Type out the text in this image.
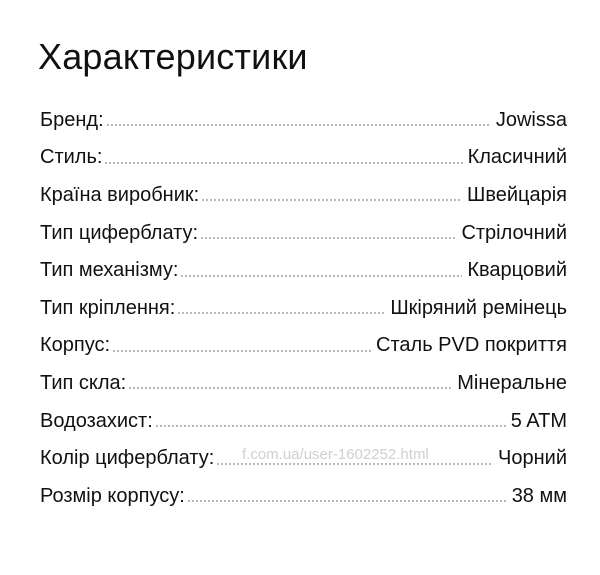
Характеристики
Бренд:	Jowissa
Стиль:	Класичний
Країна виробник:	Швейцарія
Тип циферблату:	Стрілочний
Тип механізму:	Кварцовий
Тип кріплення:	Шкіряний ремінець
Корпус:	Сталь PVD покриття
Тип скла:	Мінеральне
Водозахист:	5 ATM
Колір циферблату:	Чорний
Розмір корпусу:	38 мм
f.com.ua/user-1602252.html
